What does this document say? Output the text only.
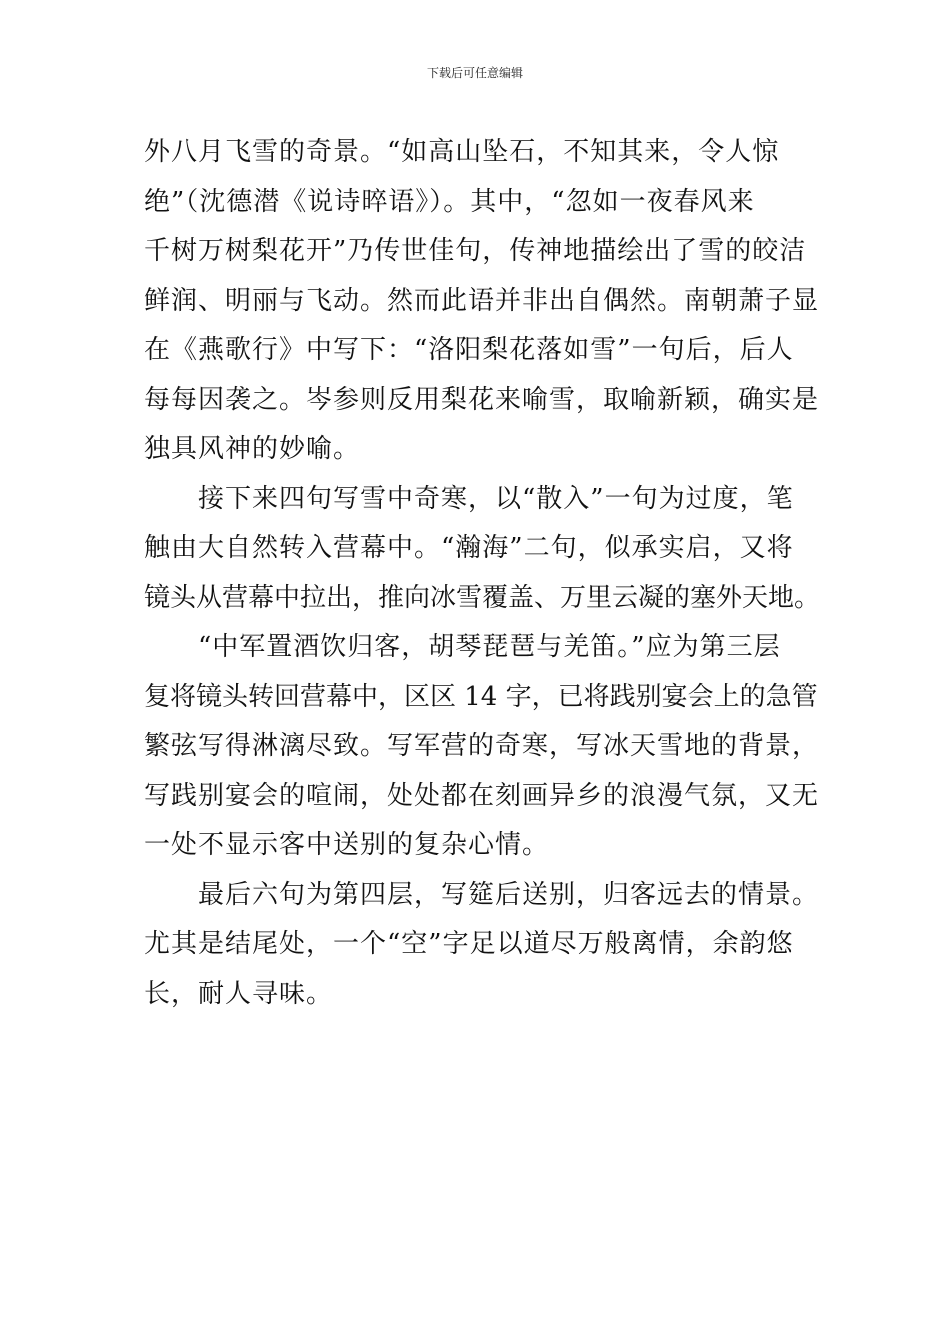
下载后可任意编辑
外八月飞雪的奇景。“如高山坠石，不知其来，令人惊
绝”（沈德潜《说诗晬语》）。其中，“忽如一夜春风来
千树万树梨花开”乃传世佳句，传神地描绘出了雪的皎洁
鲜润、明丽与飞动。然而此语并非出自偶然。南朝萧子显
在《燕歌行》中写下：“洛阳梨花落如雪”一句后，后人
每每因袭之。岑参则反用梨花来喻雪，取喻新颖，确实是
独具风神的妙喻。
接下来四句写雪中奇寒，以“散入”一句为过度，笔
触由大自然转入营幕中。“瀚海”二句，似承实启，又将
镜头从营幕中拉出，推向冰雪覆盖、万里云凝的塞外天地。
“中军置酒饮归客，胡琴琵琶与羌笛。”应为第三层
复将镜头转回营幕中，区区 14 字，已将践别宴会上的急管
繁弦写得淋漓尽致。写军营的奇寒，写冰天雪地的背景，
写践别宴会的喧闹，处处都在刻画异乡的浪漫气氛，又无
一处不显示客中送别的复杂心情。
最后六句为第四层，写筵后送别，归客远去的情景。
尤其是结尾处，一个“空”字足以道尽万般离情，余韵悠
长，耐人寻味。
